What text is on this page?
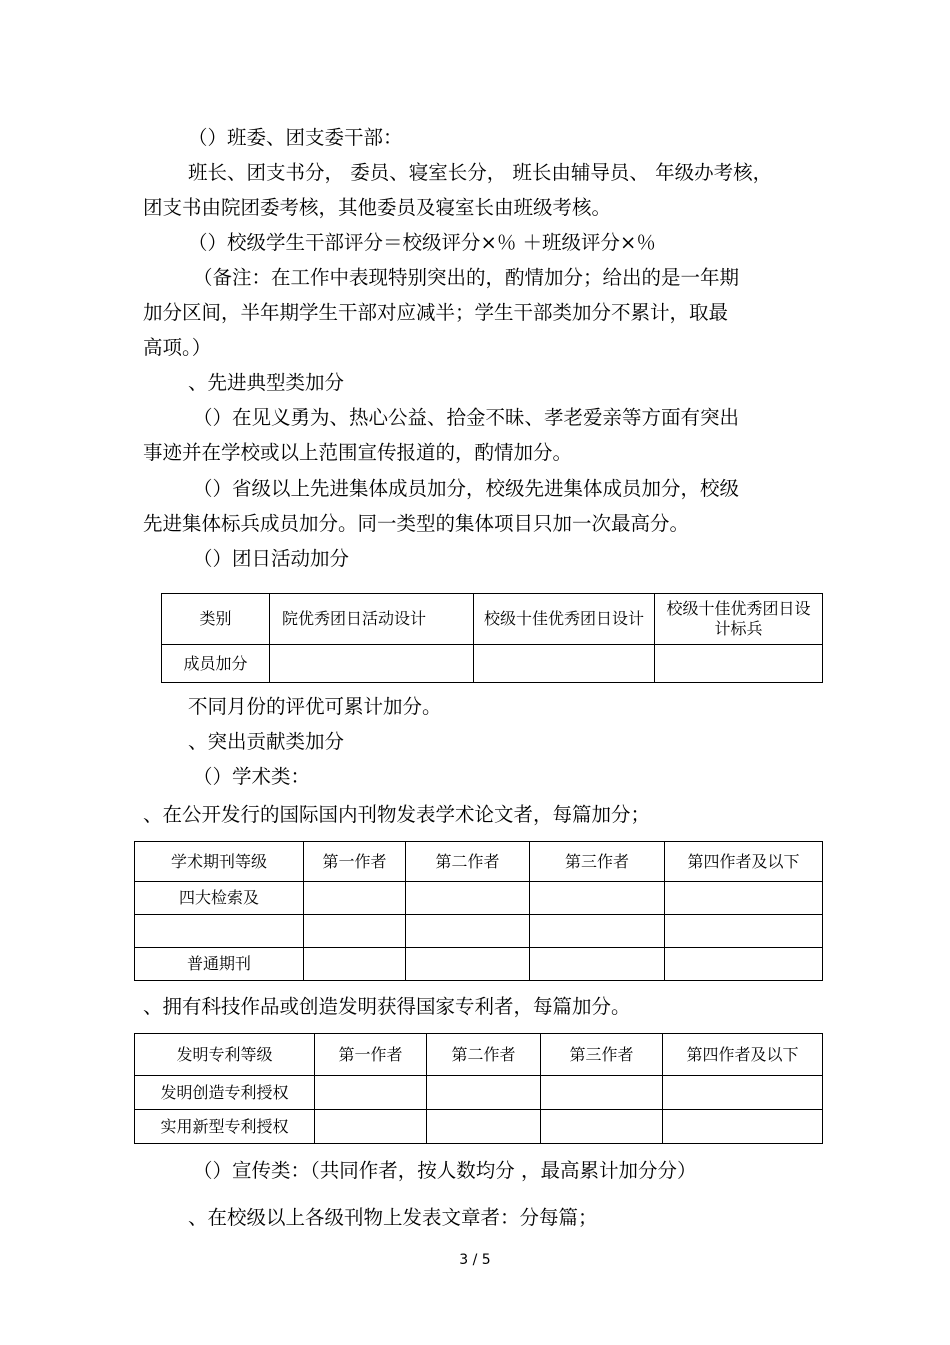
（）班委、团支委干部：
班长、团支书分， 委员、寝室长分， 班长由辅导员、 年级办考核，
团支书由院团委考核，其他委员及寝室长由班级考核。
（）校级学生干部评分＝校级评分×％ ＋班级评分×％
（备注：在工作中表现特别突出的，酌情加分；给出的是一年期
加分区间，半年期学生干部对应减半；学生干部类加分不累计，取最
高项。）
、先进典型类加分
（）在见义勇为、热心公益、拾金不昧、孝老爱亲等方面有突出
事迹并在学校或以上范围宣传报道的，酌情加分。
（）省级以上先进集体成员加分，校级先进集体成员加分，校级
先进集体标兵成员加分。同一类型的集体项目只加一次最高分。
（）团日活动加分
类别	院优秀团日活动设计	校级十佳优秀团日设计	校级十佳优秀团日设计标兵
成员加分			
不同月份的评优可累计加分。
、突出贡献类加分
（）学术类：
、在公开发行的国际国内刊物发表学术论文者，每篇加分；
学术期刊等级	第一作者	第二作者	第三作者	第四作者及以下
四大检索及				

普通期刊				
、拥有科技作品或创造发明获得国家专利者，每篇加分。
发明专利等级	第一作者	第二作者	第三作者	第四作者及以下
发明创造专利授权				
实用新型专利授权				
（）宣传类：（共同作者，按人数均分 ，最高累计加分分）
、在校级以上各级刊物上发表文章者：分每篇；
3 / 5
